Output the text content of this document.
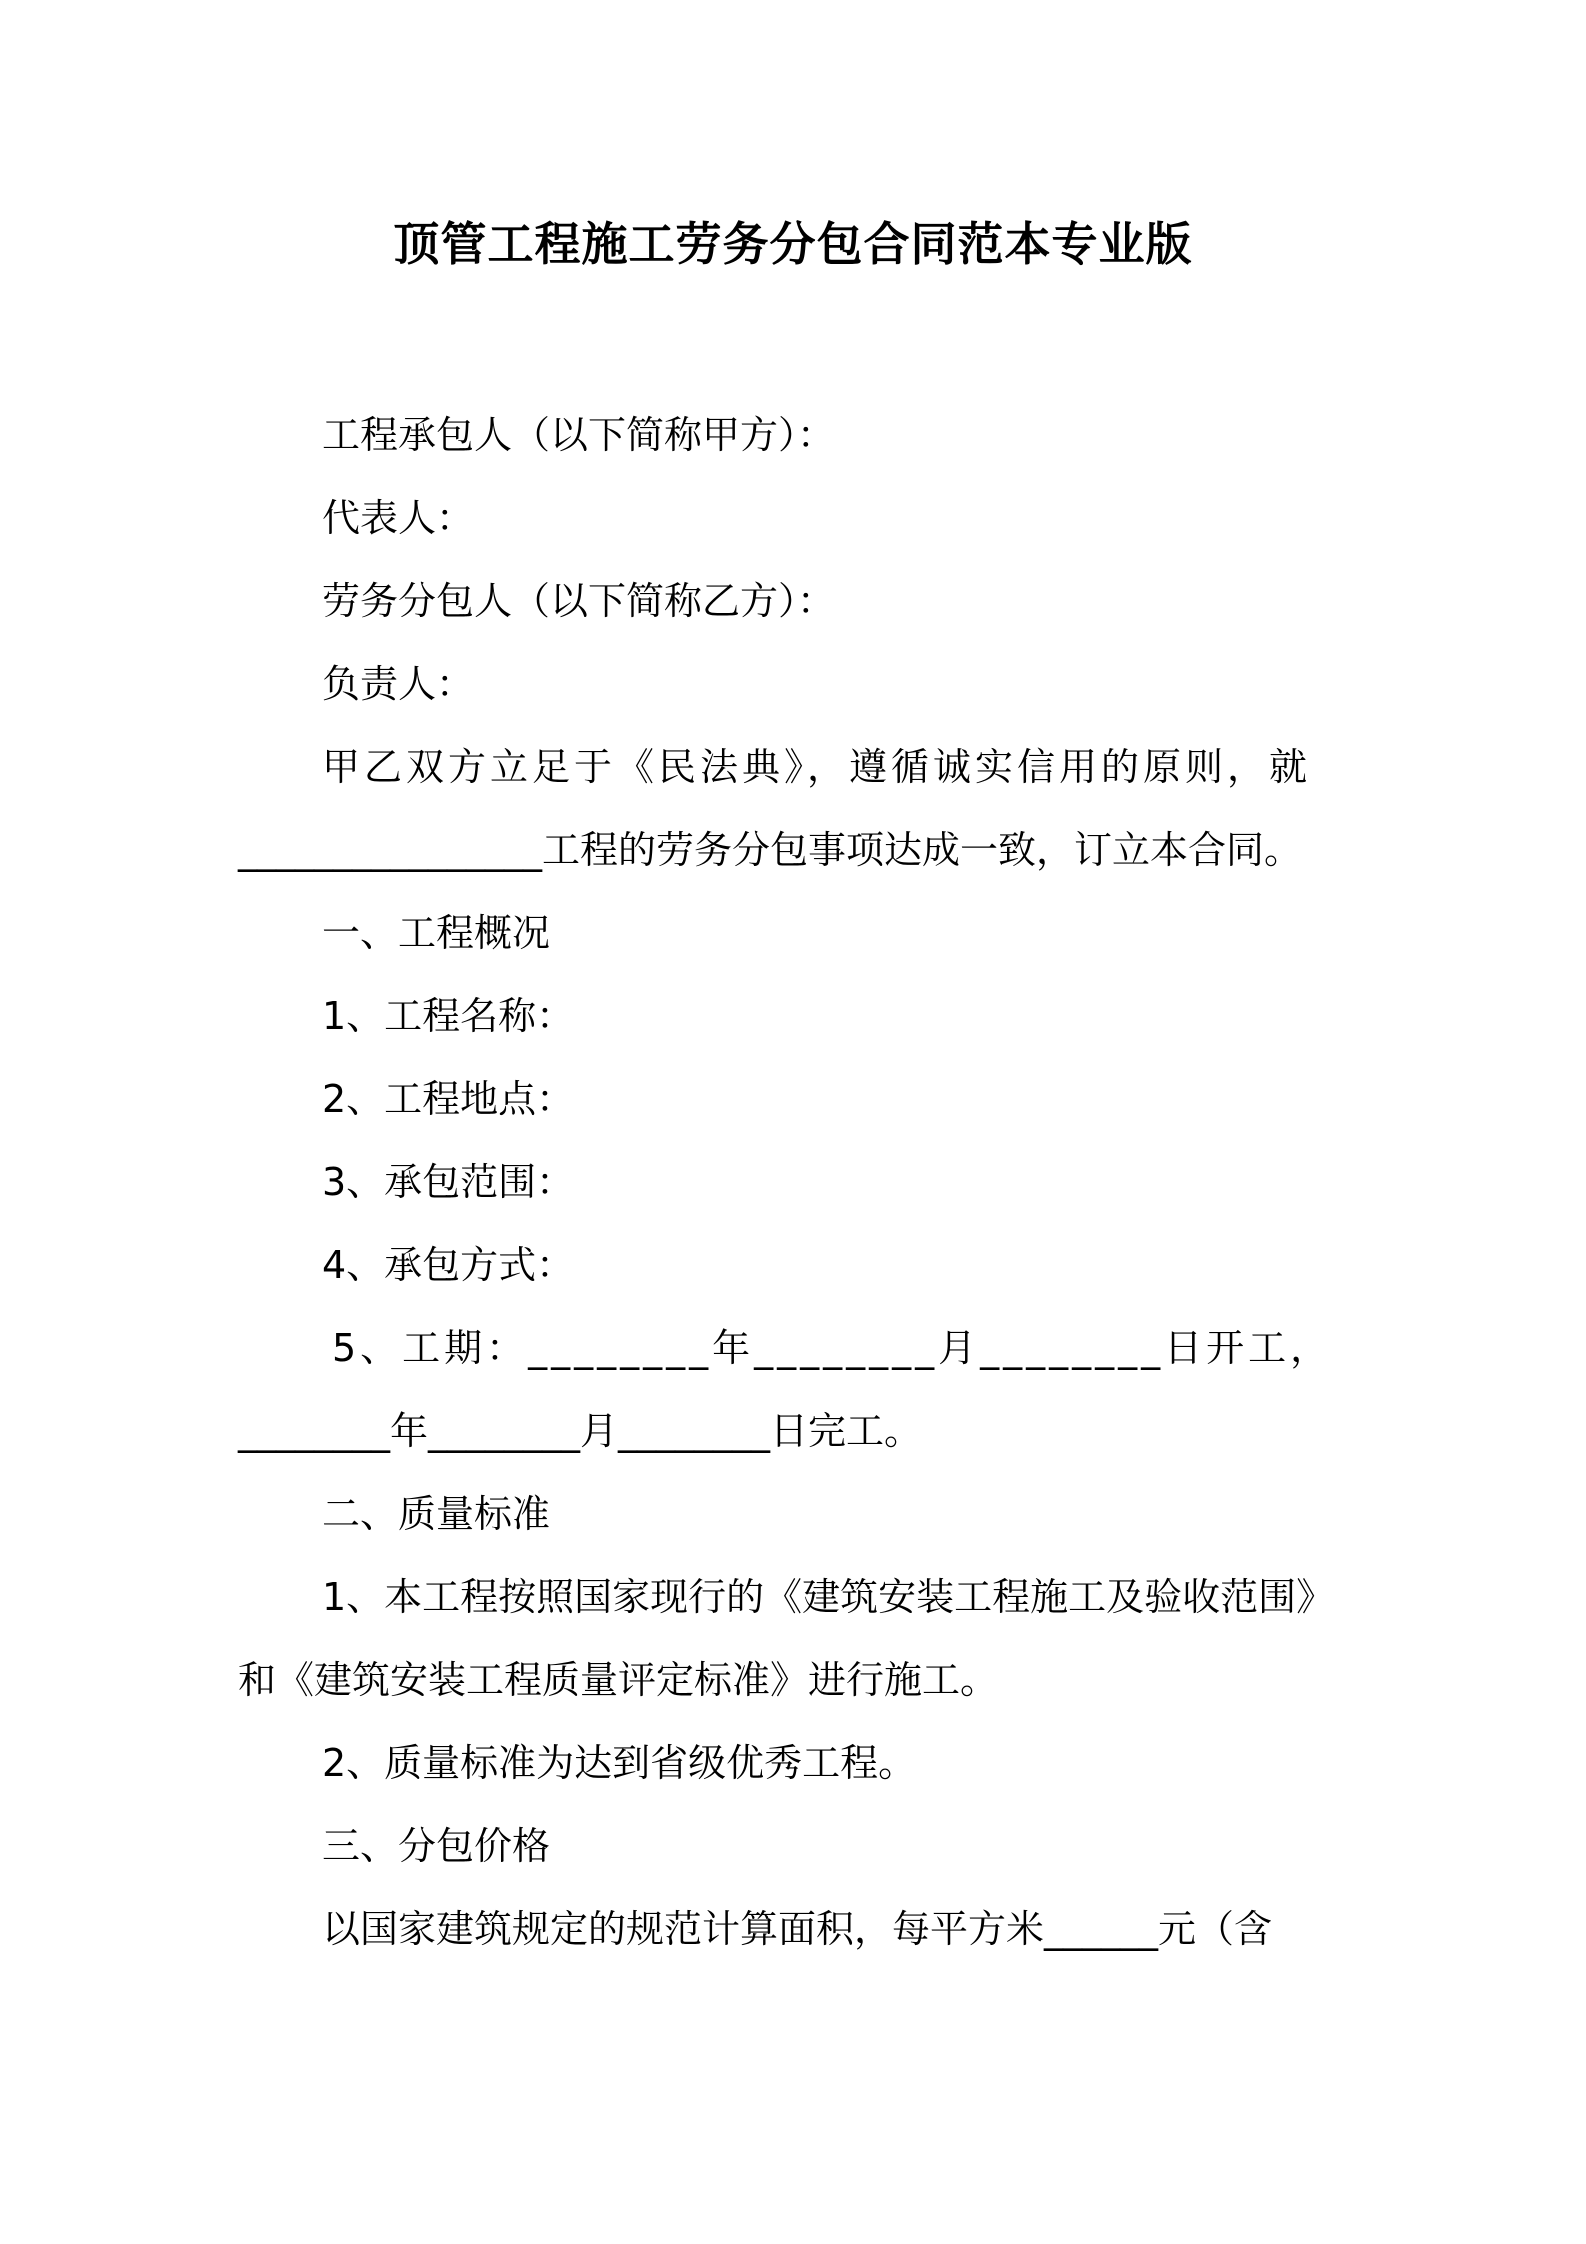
顶管工程施工劳务分包合同范本专业版
工程承包人（以下简称甲方）：
代表人：
劳务分包人（以下简称乙方）：
负责人：
甲乙双方立足于《民法典》，遵循诚实信用的原则，就
________________工程的劳务分包事项达成一致，订立本合同。
一、工程概况
1、工程名称：
2、工程地点：
3、承包范围：
4、承包方式：
5、工期：________年________月________日开工，
________年________月________日完工。
二、质量标准
1、本工程按照国家现行的《建筑安装工程施工及验收范围》
和《建筑安装工程质量评定标准》进行施工。
2、质量标准为达到省级优秀工程。
三、分包价格
以国家建筑规定的规范计算面积，每平方米______元（含
